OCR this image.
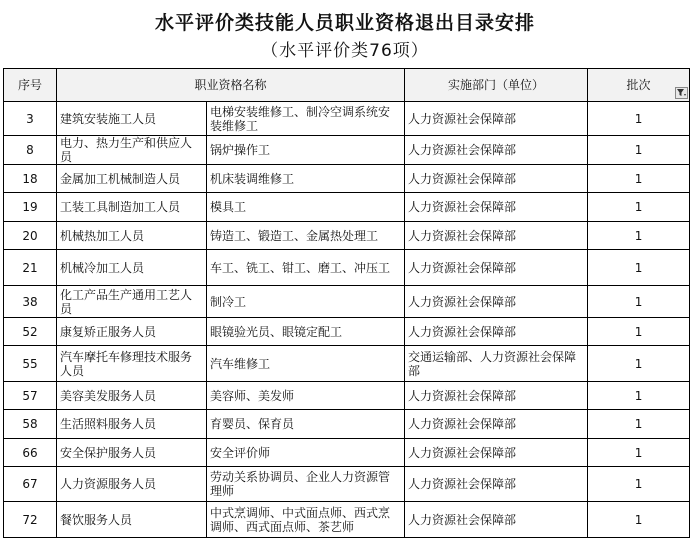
水平评价类技能人员职业资格退出目录安排
（水平评价类76项）
序号	职业资格名称		实施部门（单位）	批次

3	建筑安装施工人员	电梯安装维修工、制冷空调系统安装维修工	人力资源社会保障部	1
8	电力、热力生产和供应人员	锅炉操作工	人力资源社会保障部	1
18	金属加工机械制造人员	机床装调维修工	人力资源社会保障部	1
19	工装工具制造加工人员	模具工	人力资源社会保障部	1
20	机械热加工人员	铸造工、锻造工、金属热处理工	人力资源社会保障部	1
21	机械冷加工人员	车工、铣工、钳工、磨工、冲压工	人力资源社会保障部	1
38	化工产品生产通用工艺人员	制冷工	人力资源社会保障部	1
52	康复矫正服务人员	眼镜验光员、眼镜定配工	人力资源社会保障部	1
55	汽车摩托车修理技术服务人员	汽车维修工	交通运输部、人力资源社会保障部	1
57	美容美发服务人员	美容师、美发师	人力资源社会保障部	1
58	生活照料服务人员	育婴员、保育员	人力资源社会保障部	1
66	安全保护服务人员	安全评价师	人力资源社会保障部	1
67	人力资源服务人员	劳动关系协调员、企业人力资源管理师	人力资源社会保障部	1
72	餐饮服务人员	中式烹调师、中式面点师、西式烹调师、西式面点师、茶艺师	人力资源社会保障部	1
